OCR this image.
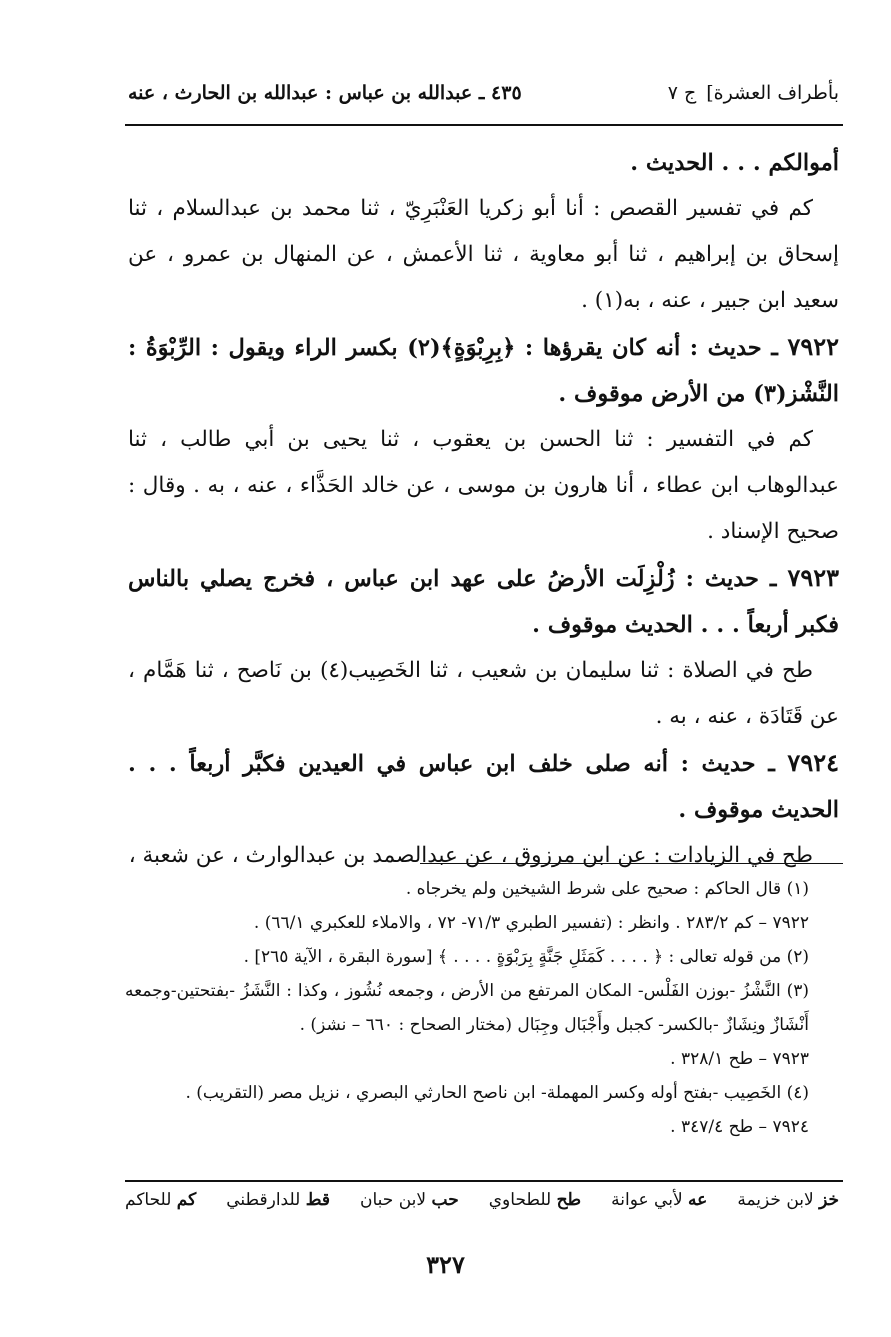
بأطراف العشرة]
ج ٧
٤٣٥ ـ عبدالله بن عباس : عبدالله بن الحارث ، عنه

أموالكم . . . الحديث .

كم في تفسير القصص : أنا أبو زكريا العَنْبَرِيّ ، ثنا محمد بن عبدالسلام ، ثنا إسحاق بن إبراهيم ، ثنا أبو معاوية ، ثنا الأعمش ، عن المنهال بن عمرو ، عن سعيد ابن جبير ، عنه ، به(١) .

٧٩٢٢ ـ حديث : أنه كان يقرؤها : ﴿بِرِبْوَةٍ﴾(٢) بكسر الراء ويقول : الرِّبْوَةُ : النَّشْز(٣) من الأرض موقوف .

كم في التفسير : ثنا الحسن بن يعقوب ، ثنا يحيى بن أبي طالب ، ثنا عبدالوهاب ابن عطاء ، أنا هارون بن موسى ، عن خالد الحَذَّاء ، عنه ، به . وقال : صحيح الإسناد .

٧٩٢٣ ـ حديث : زُلْزِلَت الأرضُ على عهد ابن عباس ، فخرج يصلي بالناس فكبر أربعاً . . . الحديث موقوف .

طح في الصلاة : ثنا سليمان بن شعيب ، ثنا الخَصِيب(٤) بن نَاصح ، ثنا هَمَّام ، عن قَتَادَة ، عنه ، به .

٧٩٢٤ ـ حديث : أنه صلى خلف ابن عباس في العيدين فكبَّر أربعاً . . . الحديث موقوف .

طح في الزيادات : عن ابن مرزوق ، عن عبدالصمد بن عبدالوارث ، عن شعبة ،

(١) قال الحاكم : صحيح على شرط الشيخين ولم يخرجاه .

٧٩٢٢ – كم ٢٨٣/٢ . وانظر : (تفسير الطبري ٧١/٣- ٧٢ ، والاملاء للعكبري ٦٦/١) .

(٢) من قوله تعالى : ﴿ . . . . كَمَثَلِ جَنَّةٍ بِرَبْوَةٍ . . . . ﴾ [سورة البقرة ، الآية ٢٦٥] .

(٣) النَّشْزُ -بوزن الفَلْس- المكان المرتفع من الأرض ، وجمعه نُشُوز ، وكذا : النَّشَزُ -بفتحتين-وجمعه أَنْشَازٌ ونِشَازٌ -بالكسر- كجبل وأَجْبَال وجِبَال (مختار الصحاح : ٦٦٠ – نشز) .

٧٩٢٣ – طح ٣٢٨/١ .

(٤) الخَصِيب -بفتح أوله وكسر المهملة- ابن ناصح الحارثي البصري ، نزيل مصر (التقريب) .

٧٩٢٤ – طح ٣٤٧/٤ .

خز لابن خزيمة
عه لأبي عوانة
طح للطحاوي
حب لابن حبان
قط للدارقطني
كم للحاكم
٣٢٧
